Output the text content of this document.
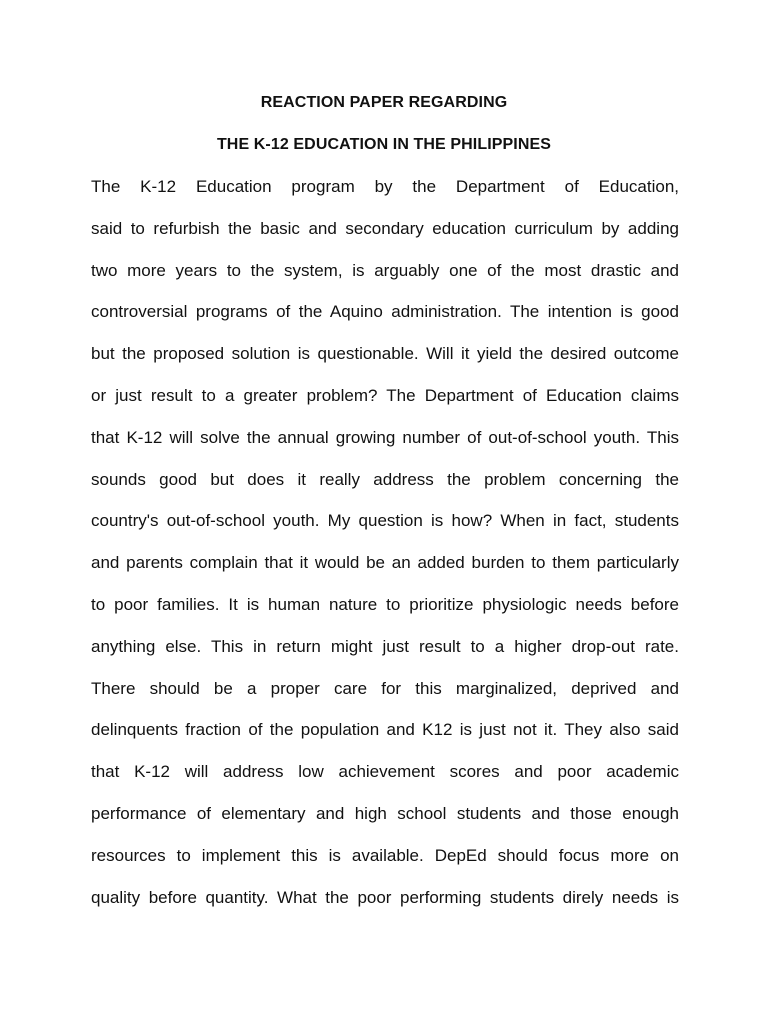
REACTION PAPER REGARDING
THE K-12 EDUCATION IN THE PHILIPPINES
The K-12 Education program by the Department of Education,
said to refurbish the basic and secondary education curriculum by adding
two more years to the system, is arguably one of the most drastic and
controversial programs of the Aquino administration. The intention is good
but the proposed solution is questionable. Will it yield the desired outcome
or just result to a greater problem? The Department of Education claims
that K-12 will solve the annual growing number of out-of-school youth. This
sounds good but does it really address the problem concerning the
country's out-of-school youth. My question is how? When in fact, students
and parents complain that it would be an added burden to them particularly
to poor families. It is human nature to prioritize physiologic needs before
anything else. This in return might just result to a higher drop-out rate.
There should be a proper care for this marginalized, deprived and
delinquents fraction of the population and K12 is just not it. They also said
that K-12 will address low achievement scores and poor academic
performance of elementary and high school students and those enough
resources to implement this is available. DepEd should focus more on
quality before quantity. What the poor performing students direly needs is
